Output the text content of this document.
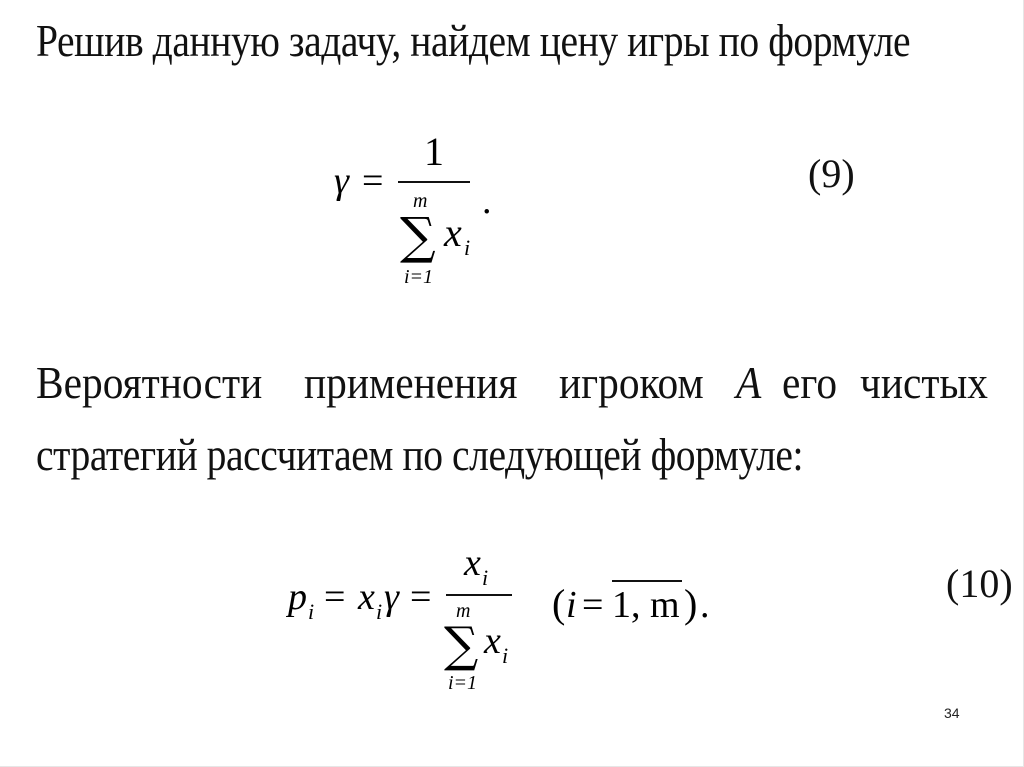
Решив данную задачу, найдем цену игры по формуле
γ =
1
m
∑ x i
i=1
.
(9)
Вероятности применения игроком A его чистых
стратегий рассчитаем по следующей формуле:
p i = x i γ =
x i
m
∑ x i
i=1
( i = 1, m ) .	(10)
34
